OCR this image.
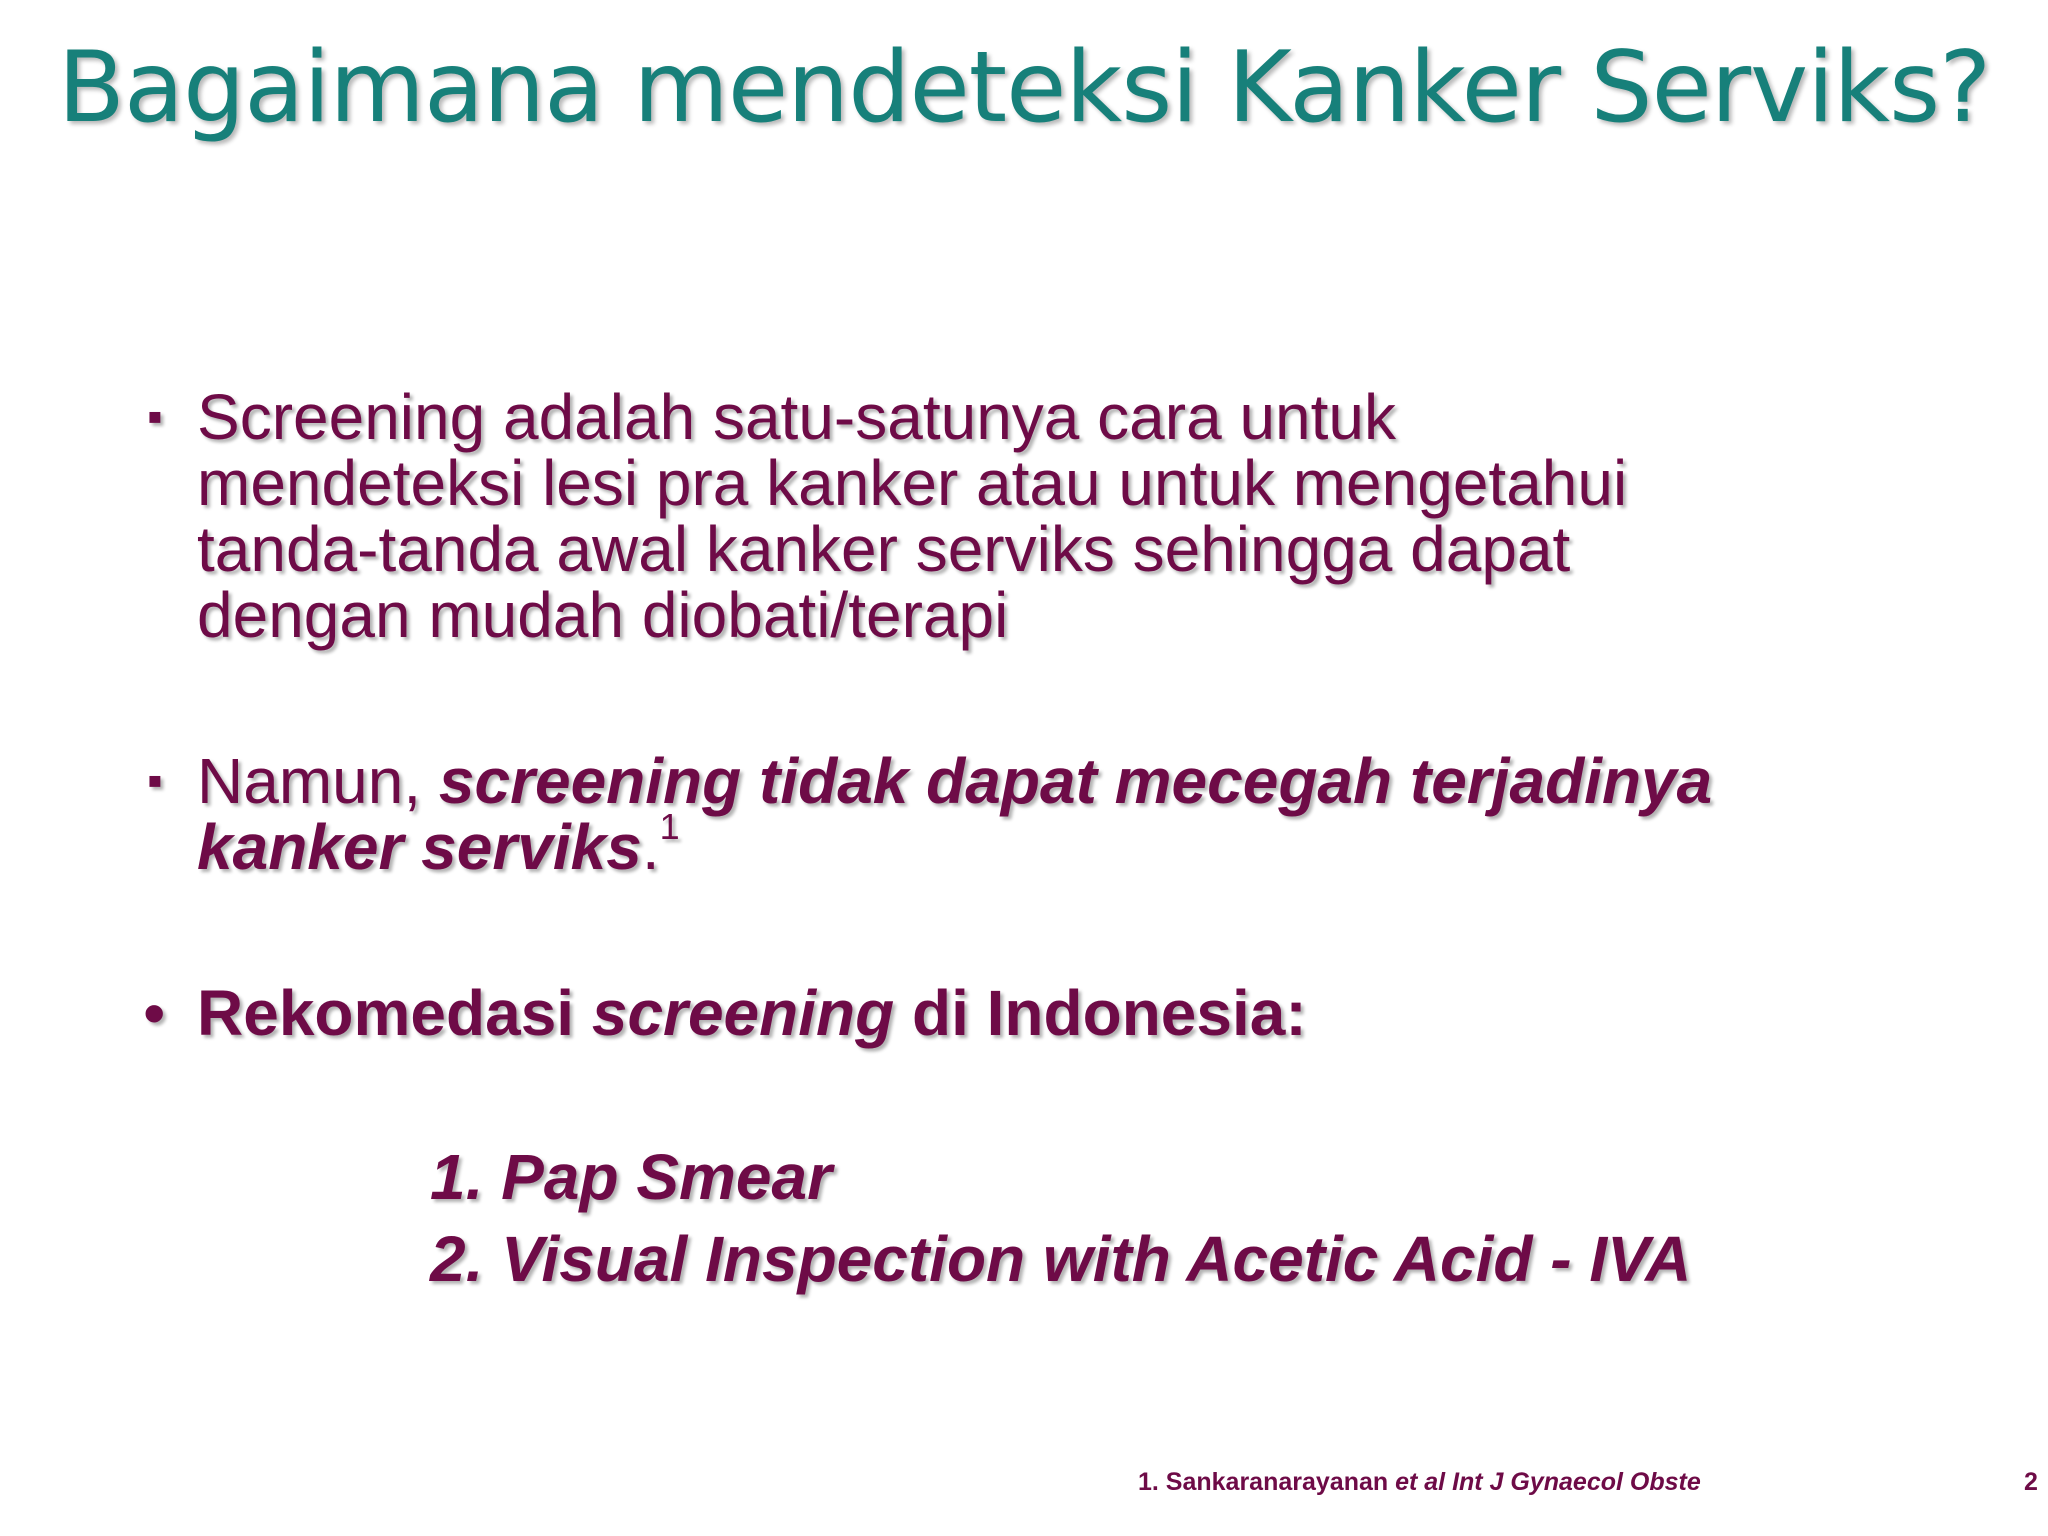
Bagaimana mendeteksi Kanker Serviks?
▪ Screening adalah satu-satunya cara untuk
mendeteksi lesi pra kanker atau untuk mengetahui
tanda-tanda awal kanker serviks sehingga dapat
dengan mudah diobati/terapi
▪ Namun, screening tidak dapat mecegah terjadinya
kanker serviks.$^1$
• Rekomedasi screening di Indonesia:
1. Pap Smear
2. Visual Inspection with Acetic Acid - IVA
1. Sankaranarayanan et al Int J Gynaecol Obste	2
